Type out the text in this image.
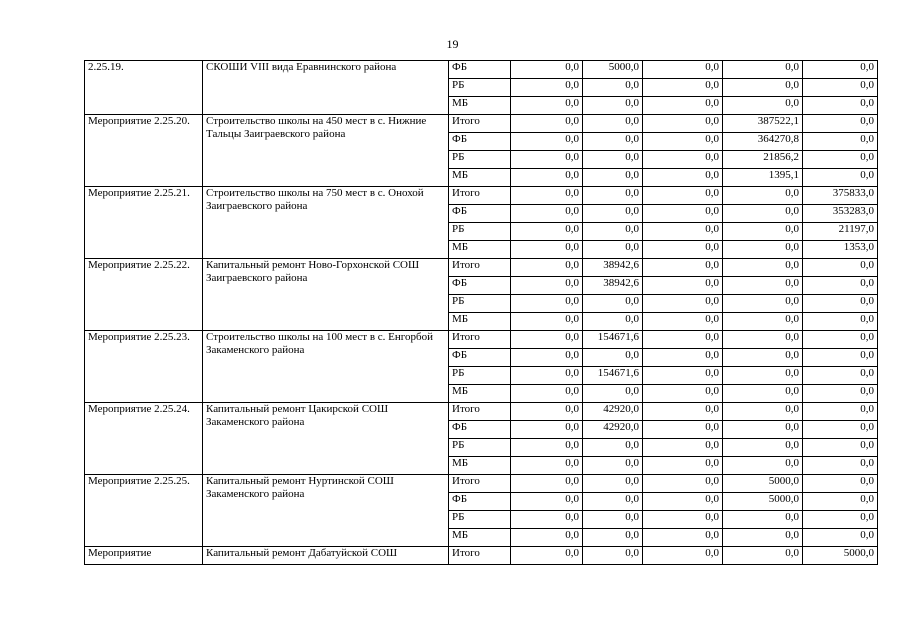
19
2.25.19.	СКОШИ VIII вида Еравнинского района	ФБ	0,0	5000,0	0,0	0,0	0,0
		РБ	0,0	0,0	0,0	0,0	0,0
		МБ	0,0	0,0	0,0	0,0	0,0
Мероприятие 2.25.20.	Строительство школы на 450 мест в с. Нижние Тальцы Заиграевского района	Итого	0,0	0,0	0,0	387522,1	0,0
		ФБ	0,0	0,0	0,0	364270,8	0,0
		РБ	0,0	0,0	0,0	21856,2	0,0
		МБ	0,0	0,0	0,0	1395,1	0,0
Мероприятие 2.25.21.	Строительство школы на 750 мест в с. Онохой Заиграевского района	Итого	0,0	0,0	0,0	0,0	375833,0
		ФБ	0,0	0,0	0,0	0,0	353283,0
		РБ	0,0	0,0	0,0	0,0	21197,0
		МБ	0,0	0,0	0,0	0,0	1353,0
Мероприятие 2.25.22.	Капитальный ремонт Ново-Горхонской СОШ Заиграевского района	Итого	0,0	38942,6	0,0	0,0	0,0
		ФБ	0,0	38942,6	0,0	0,0	0,0
		РБ	0,0	0,0	0,0	0,0	0,0
		МБ	0,0	0,0	0,0	0,0	0,0
Мероприятие 2.25.23.	Строительство школы на 100 мест в с. Енгорбой Закаменского района	Итого	0,0	154671,6	0,0	0,0	0,0
		ФБ	0,0	0,0	0,0	0,0	0,0
		РБ	0,0	154671,6	0,0	0,0	0,0
		МБ	0,0	0,0	0,0	0,0	0,0
Мероприятие 2.25.24.	Капитальный ремонт Цакирской СОШ Закаменского района	Итого	0,0	42920,0	0,0	0,0	0,0
		ФБ	0,0	42920,0	0,0	0,0	0,0
		РБ	0,0	0,0	0,0	0,0	0,0
		МБ	0,0	0,0	0,0	0,0	0,0
Мероприятие 2.25.25.	Капитальный ремонт Нуртинской СОШ Закаменского района	Итого	0,0	0,0	0,0	5000,0	0,0
		ФБ	0,0	0,0	0,0	5000,0	0,0
		РБ	0,0	0,0	0,0	0,0	0,0
		МБ	0,0	0,0	0,0	0,0	0,0
Мероприятие	Капитальный ремонт Дабатуйской СОШ	Итого	0,0	0,0	0,0	0,0	5000,0
